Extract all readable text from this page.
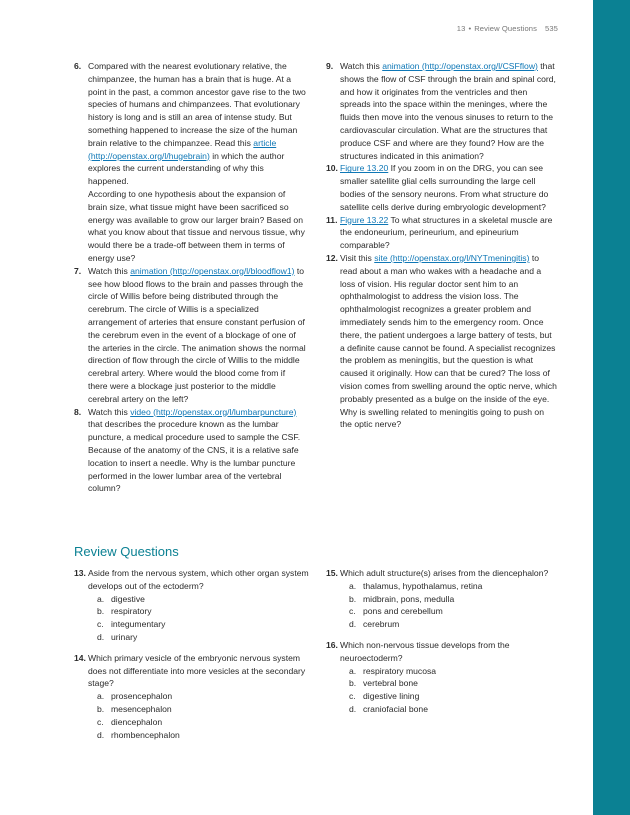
13 • Review Questions 535
6. Compared with the nearest evolutionary relative, the chimpanzee, the human has a brain that is huge. At a point in the past, a common ancestor gave rise to the two species of humans and chimpanzees. That evolutionary history is long and is still an area of intense study. But something happened to increase the size of the human brain relative to the chimpanzee. Read this article (http://openstax.org/l/hugebrain) in which the author explores the current understanding of why this happened.
According to one hypothesis about the expansion of brain size, what tissue might have been sacrificed so energy was available to grow our larger brain? Based on what you know about that tissue and nervous tissue, why would there be a trade-off between them in terms of energy use?
7. Watch this animation (http://openstax.org/l/bloodflow1) to see how blood flows to the brain and passes through the circle of Willis before being distributed through the cerebrum. The circle of Willis is a specialized arrangement of arteries that ensure constant perfusion of the cerebrum even in the event of a blockage of one of the arteries in the circle. The animation shows the normal direction of flow through the circle of Willis to the middle cerebral artery. Where would the blood come from if there were a blockage just posterior to the middle cerebral artery on the left?
8. Watch this video (http://openstax.org/l/lumbarpuncture) that describes the procedure known as the lumbar puncture, a medical procedure used to sample the CSF. Because of the anatomy of the CNS, it is a relative safe location to insert a needle. Why is the lumbar puncture performed in the lower lumbar area of the vertebral column?
9. Watch this animation (http://openstax.org/l/CSFflow) that shows the flow of CSF through the brain and spinal cord, and how it originates from the ventricles and then spreads into the space within the meninges, where the fluids then move into the venous sinuses to return to the cardiovascular circulation. What are the structures that produce CSF and where are they found? How are the structures indicated in this animation?
10. Figure 13.20 If you zoom in on the DRG, you can see smaller satellite glial cells surrounding the large cell bodies of the sensory neurons. From what structure do satellite cells derive during embryologic development?
11. Figure 13.22 To what structures in a skeletal muscle are the endoneurium, perineurium, and epineurium comparable?
12. Visit this site (http://openstax.org/l/NYTmeningitis) to read about a man who wakes with a headache and a loss of vision. His regular doctor sent him to an ophthalmologist to address the vision loss. The ophthalmologist recognizes a greater problem and immediately sends him to the emergency room. Once there, the patient undergoes a large battery of tests, but a definite cause cannot be found. A specialist recognizes the problem as meningitis, but the question is what caused it originally. How can that be cured? The loss of vision comes from swelling around the optic nerve, which probably presented as a bulge on the inside of the eye. Why is swelling related to meningitis going to push on the optic nerve?
Review Questions
13. Aside from the nervous system, which other organ system develops out of the ectoderm?
a. digestive
b. respiratory
c. integumentary
d. urinary
14. Which primary vesicle of the embryonic nervous system does not differentiate into more vesicles at the secondary stage?
a. prosencephalon
b. mesencephalon
c. diencephalon
d. rhombencephalon
15. Which adult structure(s) arises from the diencephalon?
a. thalamus, hypothalamus, retina
b. midbrain, pons, medulla
c. pons and cerebellum
d. cerebrum
16. Which non-nervous tissue develops from the neuroectoderm?
a. respiratory mucosa
b. vertebral bone
c. digestive lining
d. craniofacial bone
